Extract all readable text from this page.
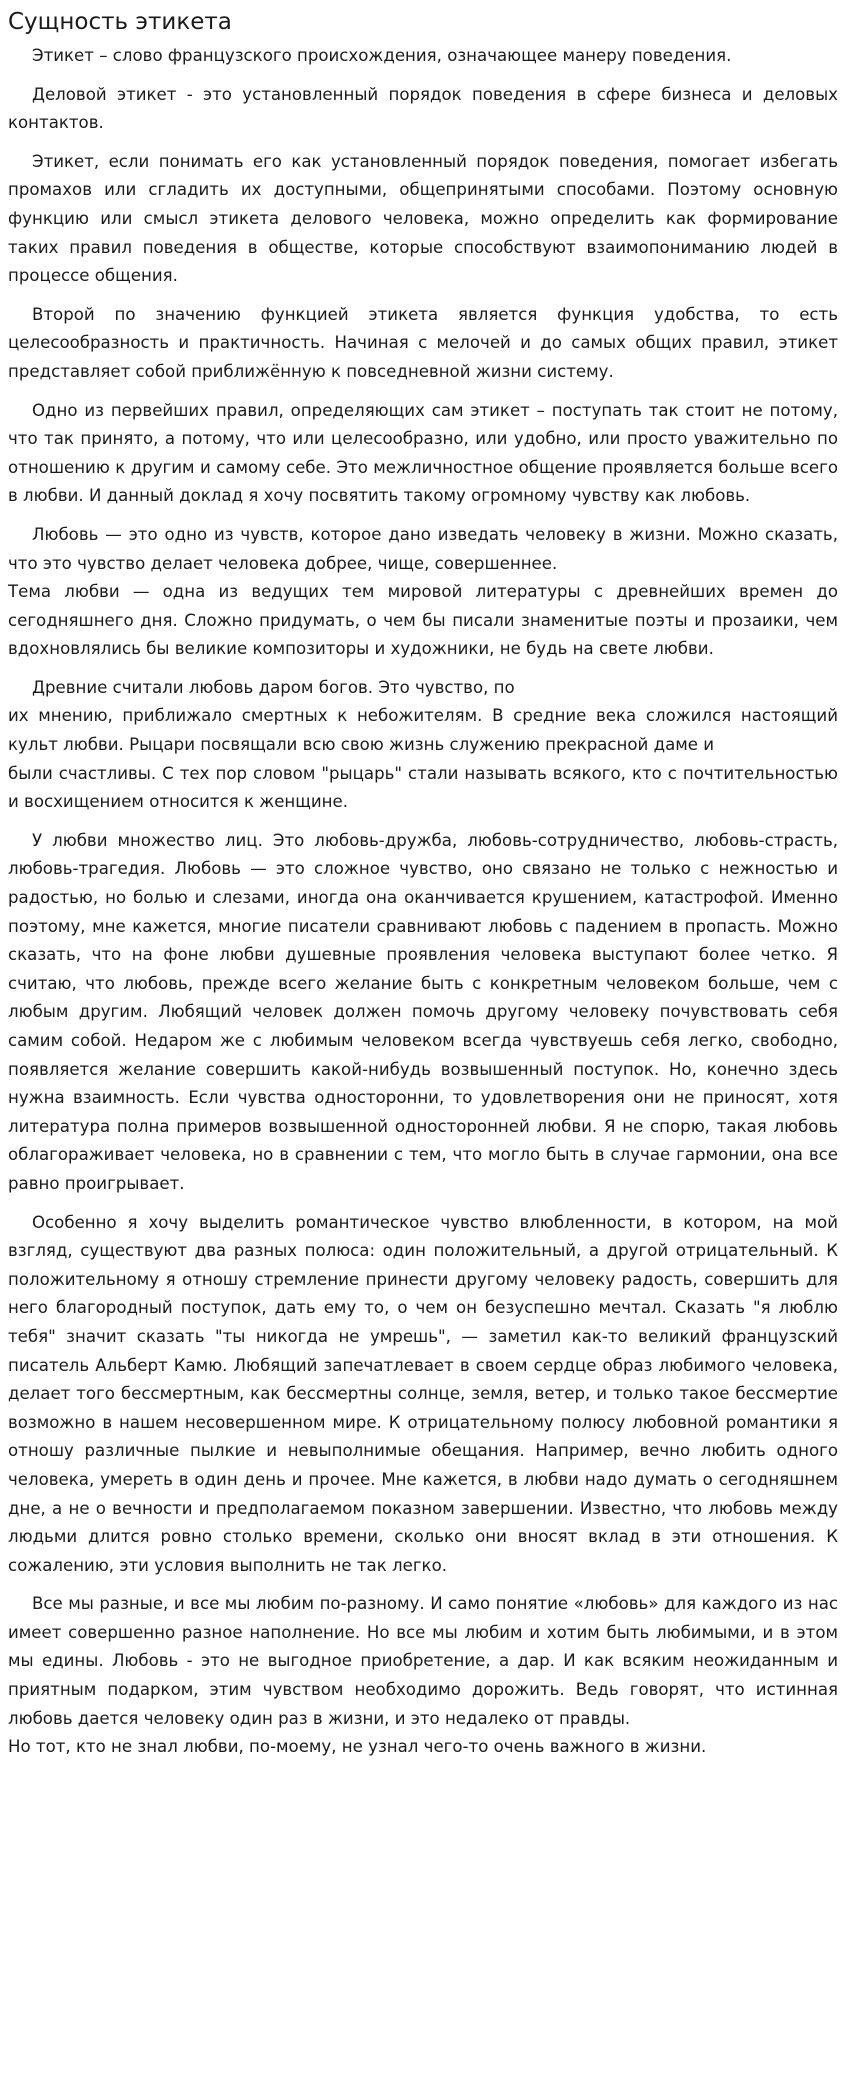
Сущность этикета

Этикет – слово французского происхождения, означающее манеру поведения.

Деловой этикет - это установленный порядок поведения в сфере бизнеса и деловых контактов.

Этикет, если понимать его как установленный порядок поведения, помогает избегать промахов или сгладить их доступными, общепринятыми способами. Поэтому основную функцию или смысл этикета делового человека, можно определить как формирование таких правил поведения в обществе, которые способствуют взаимопониманию людей в процессе общения.

Второй по значению функцией этикета является функция удобства, то есть целесообразность и практичность. Начиная с мелочей и до самых общих правил, этикет представляет собой приближённую к повседневной жизни систему.

Одно из первейших правил, определяющих сам этикет – поступать так стоит не потому, что так принято, а потому, что или целесообразно, или удобно, или просто уважительно по отношению к другим и самому себе. Это межличностное общение проявляется больше всего в любви. И данный доклад я хочу посвятить такому огромному чувству как любовь.

Любовь — это одно из чувств, которое дано изведать человеку в жизни. Можно сказать, что это чувство делает человека добрее, чище, совершеннее.

Тема любви — одна из ведущих тем мировой литературы с древнейших времен до сегодняшнего дня. Сложно придумать, о чем бы писали знаменитые поэты и прозаики, чем вдохновлялись бы великие композиторы и художники, не будь на свете любви.

Древние считали любовь даром богов. Это чувство, по

их мнению, приближало смертных к небожителям. В средние века сложился настоящий культ любви. Рыцари посвящали всю свою жизнь служению прекрасной даме и

были счастливы. С тех пор словом "рыцарь" стали называть всякого, кто с почтительностью и восхищением относится к женщине.

У любви множество лиц. Это любовь-дружба, любовь-сотрудничество, любовь-страсть, любовь-трагедия. Любовь — это сложное чувство, оно связано не только с нежностью и радостью, но болью и слезами, иногда она оканчивается крушением, катастрофой. Именно поэтому, мне кажется, многие писатели сравнивают любовь с падением в пропасть. Можно сказать, что на фоне любви душевные проявления человека выступают более четко. Я считаю, что любовь, прежде всего желание быть с конкретным человеком больше, чем с любым другим. Любящий человек должен помочь другому человеку почувствовать себя самим собой. Недаром же с любимым человеком всегда чувствуешь себя легко, свободно, появляется желание совершить какой-нибудь возвышенный поступок. Но, конечно здесь нужна взаимность. Если чувства односторонни, то удовлетворения они не приносят, хотя литература полна примеров возвышенной односторонней любви. Я не спорю, такая любовь облагораживает человека, но в сравнении с тем, что могло быть в случае гармонии, она все равно проигрывает.

Особенно я хочу выделить романтическое чувство влюбленности, в котором, на мой взгляд, существуют два разных полюса: один положительный, а другой отрицательный. К положительному я отношу стремление принести другому человеку радость, совершить для него благородный поступок, дать ему то, о чем он безуспешно мечтал. Сказать "я люблю тебя" значит сказать "ты никогда не умрешь", — заметил как-то великий французский писатель Альберт Камю. Любящий запечатлевает в своем сердце образ любимого человека, делает того бессмертным, как бессмертны солнце, земля, ветер, и только такое бессмертие возможно в нашем несовершенном мире. К отрицательному полюсу любовной романтики я отношу различные пылкие и невыполнимые обещания. Например, вечно любить одного человека, умереть в один день и прочее. Мне кажется, в любви надо думать о сегодняшнем дне, а не о вечности и предполагаемом показном завершении. Известно, что любовь между людьми длится ровно столько времени, сколько они вносят вклад в эти отношения. К сожалению, эти условия выполнить не так легко.

Все мы разные, и все мы любим по-разному. И само понятие «любовь» для каждого из нас имеет совершенно разное наполнение. Но все мы любим и хотим быть любимыми, и в этом мы едины. Любовь - это не выгодное приобретение, а дар. И как всяким неожиданным и приятным подарком, этим чувством необходимо дорожить. Ведь говорят, что истинная любовь дается человеку один раз в жизни, и это недалеко от правды.

Но тот, кто не знал любви, по-моему, не узнал чего-то очень важного в жизни.
